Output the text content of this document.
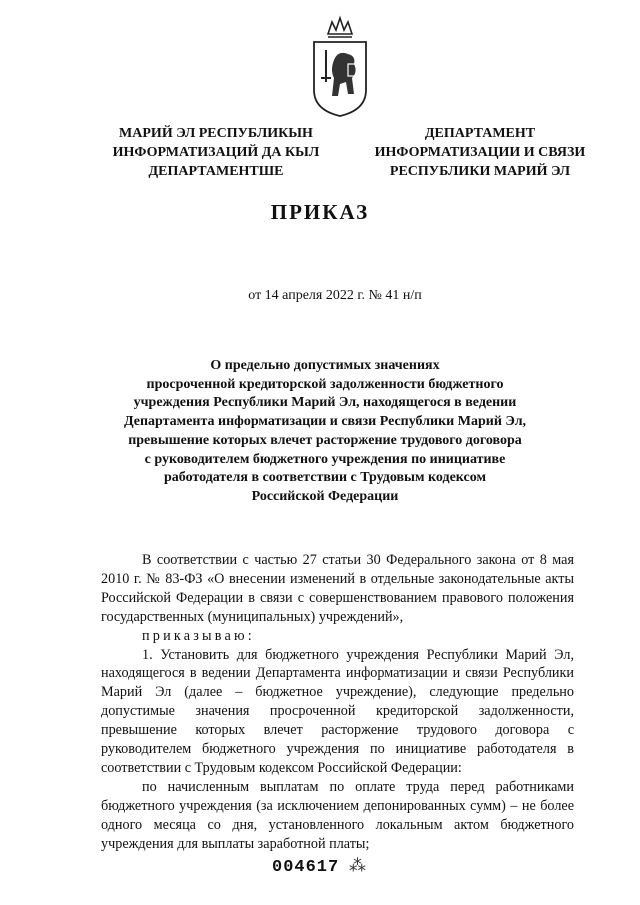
МАРИЙ ЭЛ РЕСПУБЛИКЫН
ИНФОРМАТИЗАЦИЙ ДА КЫЛ
ДЕПАРТАМЕНТШЕ
ДЕПАРТАМЕНТ
ИНФОРМАТИЗАЦИИ И СВЯЗИ
РЕСПУБЛИКИ МАРИЙ ЭЛ
ПРИКАЗ
от 14 апреля 2022 г. № 41 н/п
О предельно допустимых значениях
просроченной кредиторской задолженности бюджетного
учреждения Республики Марий Эл, находящегося в ведении
Департамента информатизации и связи Республики Марий Эл,
превышение которых влечет расторжение трудового договора
с руководителем бюджетного учреждения по инициативе
работодателя в соответствии с Трудовым кодексом
Российской Федерации

В соответствии с частью 27 статьи 30 Федерального закона от 8 мая 2010 г. № 83-ФЗ «О внесении изменений в отдельные законодательные акты Российской Федерации в связи с совершенствованием правового положения государственных (муниципальных) учреждений»,

приказываю:

1. Установить для бюджетного учреждения Республики Марий Эл, находящегося в ведении Департамента информатизации и связи Республики Марий Эл (далее – бюджетное учреждение), следующие предельно допустимые значения просроченной кредиторской задолженности, превышение которых влечет расторжение трудового договора с руководителем бюджетного учреждения по инициативе работодателя в соответствии с Трудовым кодексом Российской Федерации:

по начисленным выплатам по оплате труда перед работниками бюджетного учреждения (за исключением депонированных сумм) – не более одного месяца со дня, установленного локальным актом бюджетного учреждения для выплаты заработной платы;

004617 ⁂
